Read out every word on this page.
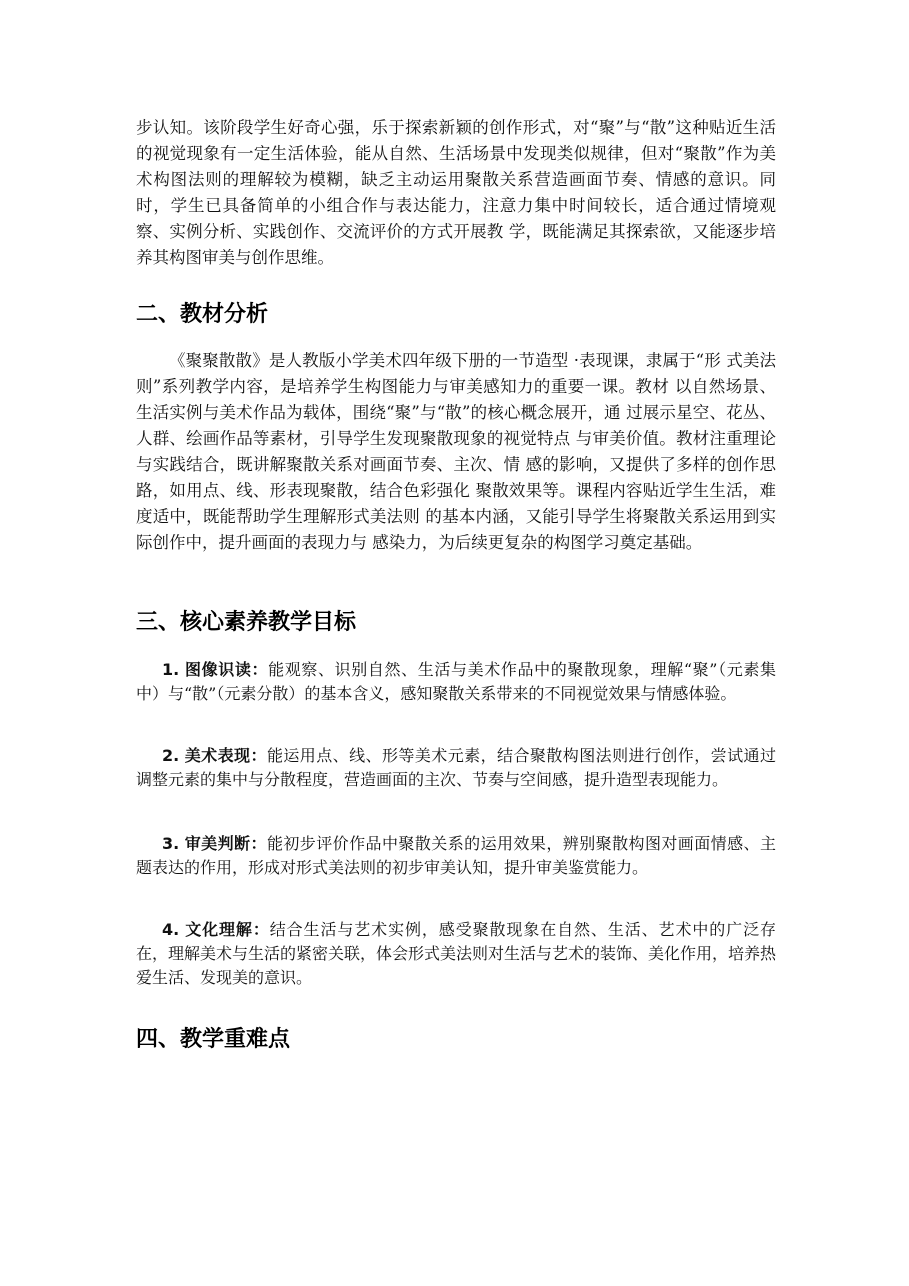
步认知。该阶段学生好奇心强，乐于探索新颖的创作形式，对“聚”与“散”这种贴近生活的视觉现象有一定生活体验，能从自然、生活场景中发现类似规律，但对“聚散”作为美术构图法则的理解较为模糊，缺乏主动运用聚散关系营造画面节奏、情感的意识。同时，学生已具备简单的小组合作与表达能力，注意力集中时间较长，适合通过情境观察、实例分析、实践创作、交流评价的方式开展教 学，既能满足其探索欲，又能逐步培养其构图审美与创作思维。

二、教材分析

《聚聚散散》是人教版小学美术四年级下册的一节造型 ·表现课，隶属于“形 式美法则”系列教学内容，是培养学生构图能力与审美感知力的重要一课。教材 以自然场景、生活实例与美术作品为载体，围绕“聚”与“散”的核心概念展开，通 过展示星空、花丛、人群、绘画作品等素材，引导学生发现聚散现象的视觉特点 与审美价值。教材注重理论与实践结合，既讲解聚散关系对画面节奏、主次、情 感的影响，又提供了多样的创作思路，如用点、线、形表现聚散，结合色彩强化 聚散效果等。课程内容贴近学生生活，难度适中，既能帮助学生理解形式美法则 的基本内涵，又能引导学生将聚散关系运用到实际创作中，提升画面的表现力与 感染力，为后续更复杂的构图学习奠定基础。

三、核心素养教学目标

1. 图像识读：能观察、识别自然、生活与美术作品中的聚散现象，理解“聚”（元素集中）与“散”（元素分散）的基本含义，感知聚散关系带来的不同视觉效果与情感体验。

2. 美术表现：能运用点、线、形等美术元素，结合聚散构图法则进行创作，尝试通过调整元素的集中与分散程度，营造画面的主次、节奏与空间感，提升造型表现能力。

3. 审美判断：能初步评价作品中聚散关系的运用效果，辨别聚散构图对画面情感、主题表达的作用，形成对形式美法则的初步审美认知，提升审美鉴赏能力。

4. 文化理解：结合生活与艺术实例，感受聚散现象在自然、生活、艺术中的广泛存在，理解美术与生活的紧密关联，体会形式美法则对生活与艺术的装饰、美化作用，培养热爱生活、发现美的意识。

四、教学重难点
